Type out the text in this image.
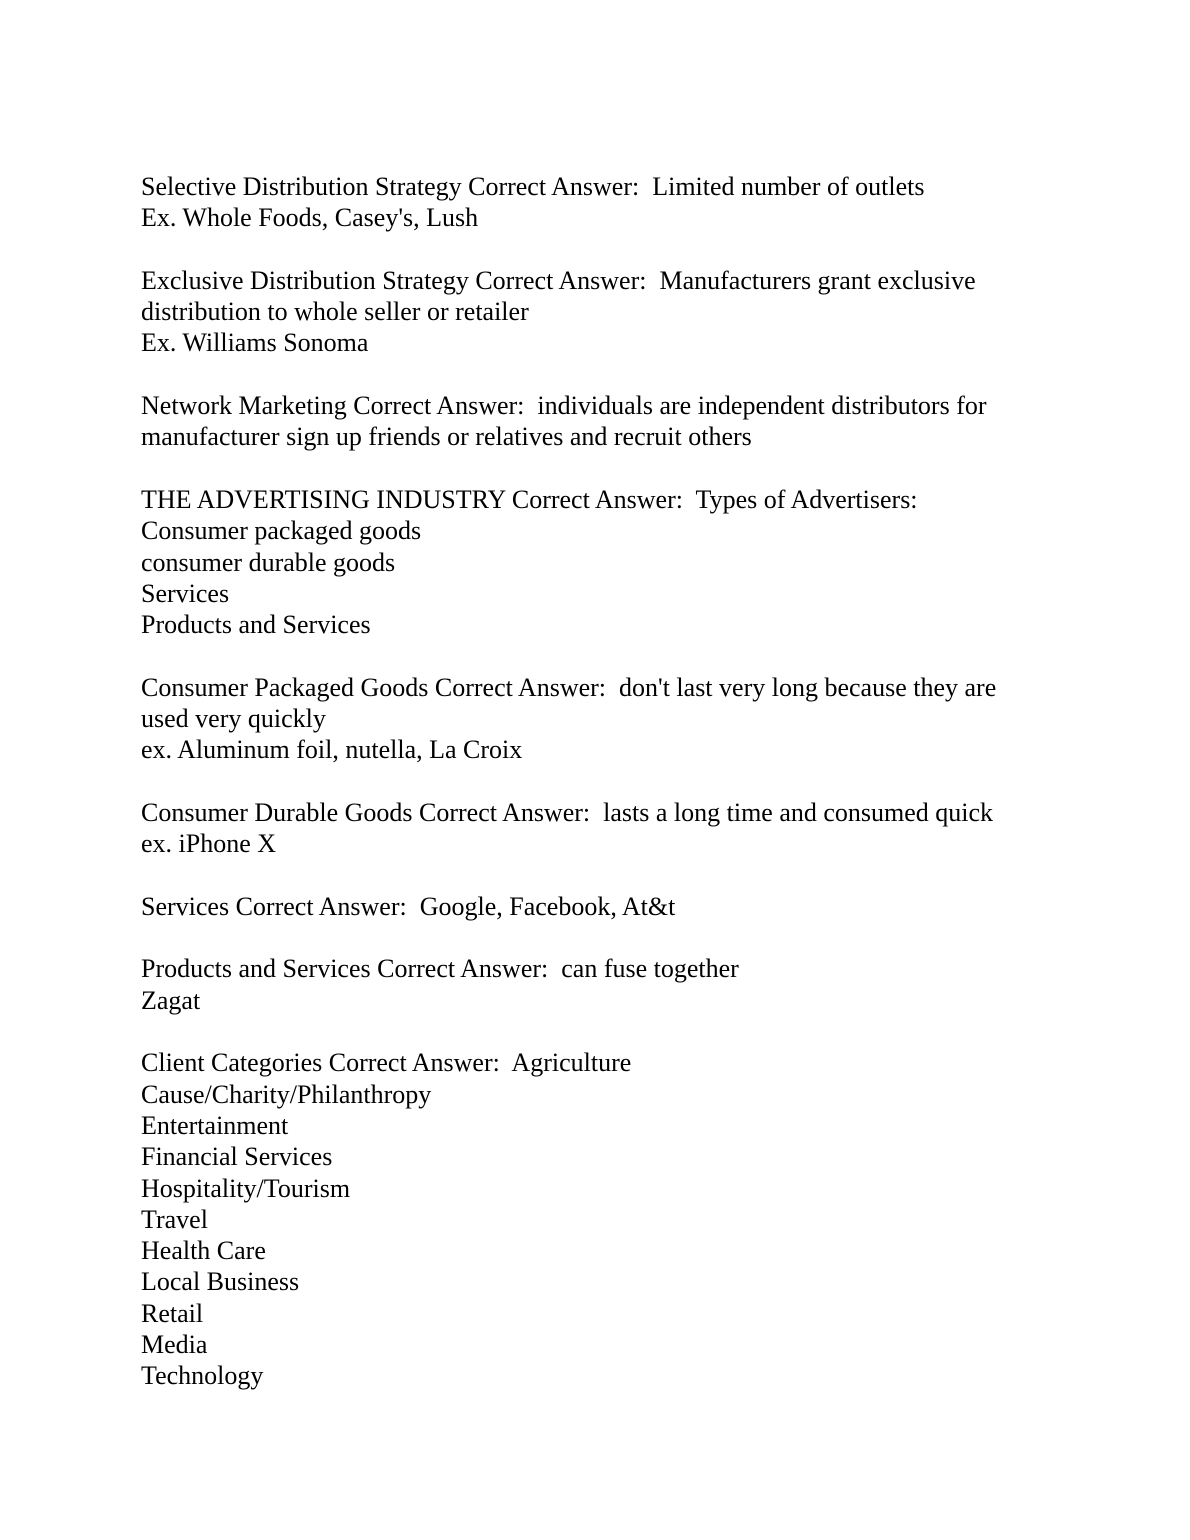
Selective Distribution Strategy Correct Answer:  Limited number of outlets
Ex. Whole Foods, Casey's, Lush
Exclusive Distribution Strategy Correct Answer:  Manufacturers grant exclusive
distribution to whole seller or retailer
Ex. Williams Sonoma
Network Marketing Correct Answer:  individuals are independent distributors for
manufacturer sign up friends or relatives and recruit others
THE ADVERTISING INDUSTRY Correct Answer:  Types of Advertisers:
Consumer packaged goods
consumer durable goods
Services
Products and Services
Consumer Packaged Goods Correct Answer:  don't last very long because they are
used very quickly
ex. Aluminum foil, nutella, La Croix
Consumer Durable Goods Correct Answer:  lasts a long time and consumed quick
ex. iPhone X
Services Correct Answer:  Google, Facebook, At&t
Products and Services Correct Answer:  can fuse together
Zagat
Client Categories Correct Answer:  Agriculture
Cause/Charity/Philanthropy
Entertainment
Financial Services
Hospitality/Tourism
Travel
Health Care
Local Business
Retail
Media
Technology
